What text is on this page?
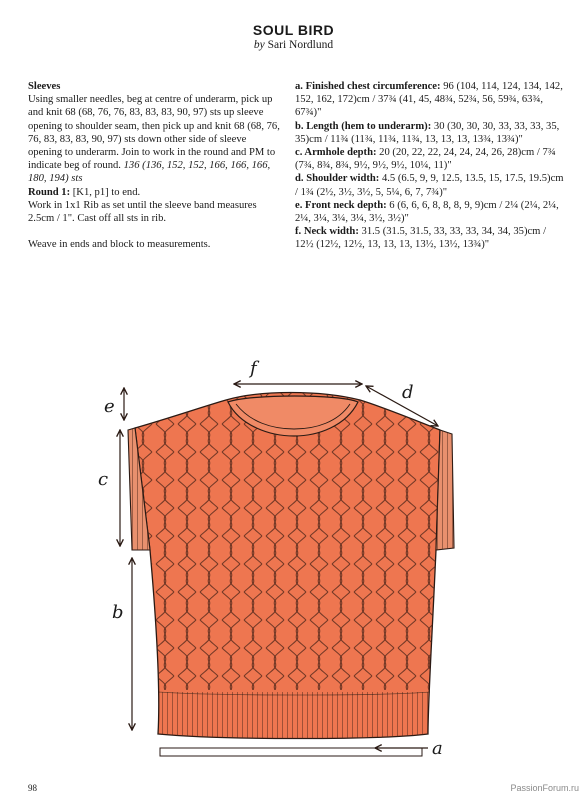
SOUL BIRD
by Sari Nordlund

Sleeves

Using smaller needles, beg at centre of underarm, pick up and knit 68 (68, 76, 76, 83, 83, 83, 90, 97) sts up sleeve opening to shoulder seam, then pick up and knit 68 (68, 76, 76, 83, 83, 83, 90, 97) sts down other side of sleeve opening to underarm. Join to work in the round and PM to indicate beg of round. 136 (136, 152, 152, 166, 166, 166, 180, 194) sts

Round 1: [K1, p1] to end.

Work in 1x1 Rib as set until the sleeve band measures 2.5cm / 1". Cast off all sts in rib.

Weave in ends and block to measurements.

a. Finished chest circumference: 96 (104, 114, 124, 134, 142, 152, 162, 172)cm / 37¾ (41, 45, 48¾, 52¾, 56, 59¾, 63¾, 67¾)"

b. Length (hem to underarm): 30 (30, 30, 30, 33, 33, 33, 35, 35)cm / 11¾ (11¾, 11¾, 11¾, 13, 13, 13, 13¾, 13¾)"

c. Armhole depth: 20 (20, 22, 22, 24, 24, 24, 26, 28)cm / 7¾ (7¾, 8¾, 8¾, 9½, 9½, 9½, 10¼, 11)"

d. Shoulder width: 4.5 (6.5, 9, 9, 12.5, 13.5, 15, 17.5, 19.5)cm / 1¾ (2½, 3½, 3½, 5, 5¼, 6, 7, 7¾)"

e. Front neck depth: 6 (6, 6, 6, 8, 8, 8, 9, 9)cm / 2¼ (2¼, 2¼, 2¼, 3¼, 3¼, 3¼, 3½, 3½)"

f. Neck width: 31.5 (31.5, 31.5, 33, 33, 33, 34, 34, 35)cm / 12½ (12½, 12½, 13, 13, 13, 13½, 13½, 13¾)"

a
b
c
e
f
d
98	PassionForum.ru
